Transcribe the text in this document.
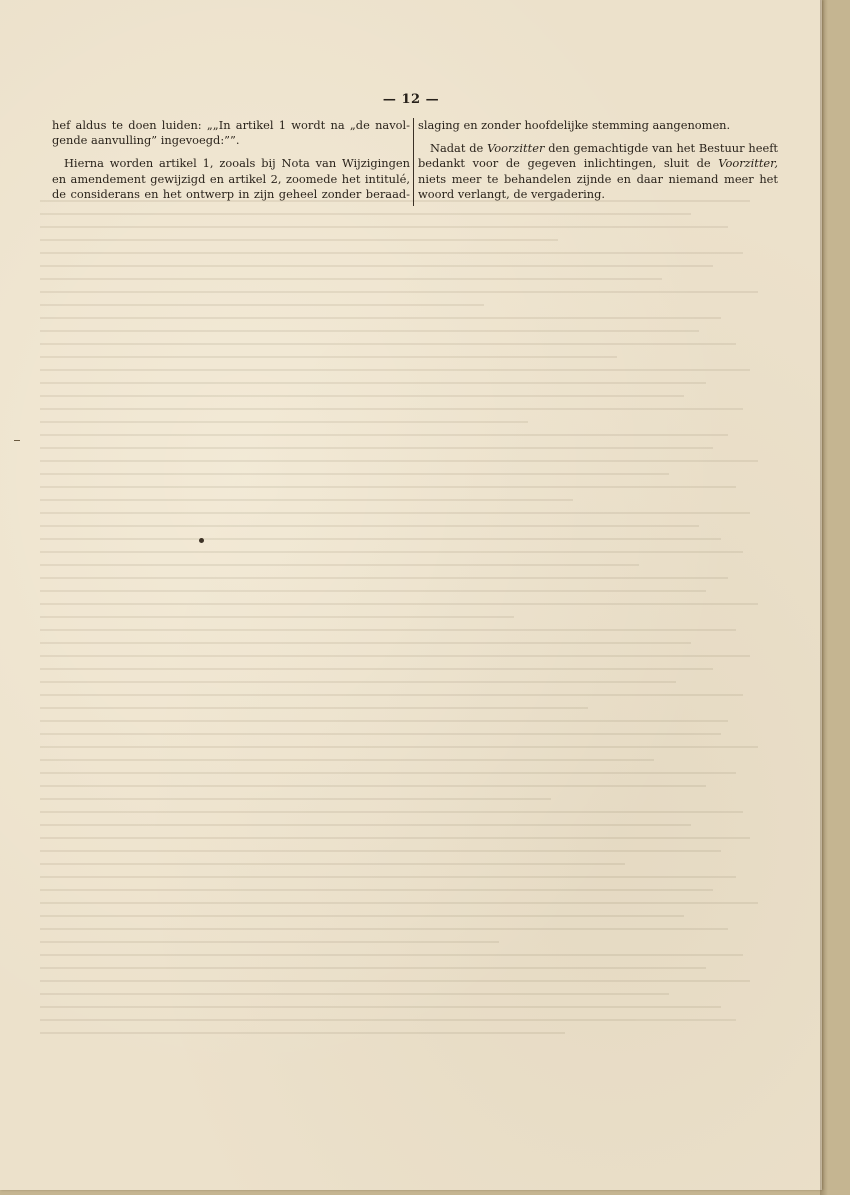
— 12 —

hef aldus te doen luiden: „„In artikel 1 wordt na „de navol-
gende aanvulling” ingevoegd:””.

Hierna worden artikel 1, zooals bij Nota van Wijzigingen
en amendement gewijzigd en artikel 2, zoomede het intitulé,
de considerans en het ontwerp in zijn geheel zonder beraad-

slaging en zonder hoofdelijke stemming aangenomen.

Nadat de Voorzitter den gemachtigde van het Bestuur heeft
bedankt voor de gegeven inlichtingen, sluit de Voorzitter,
niets meer te behandelen zijnde en daar niemand meer het
woord verlangt, de vergadering.
